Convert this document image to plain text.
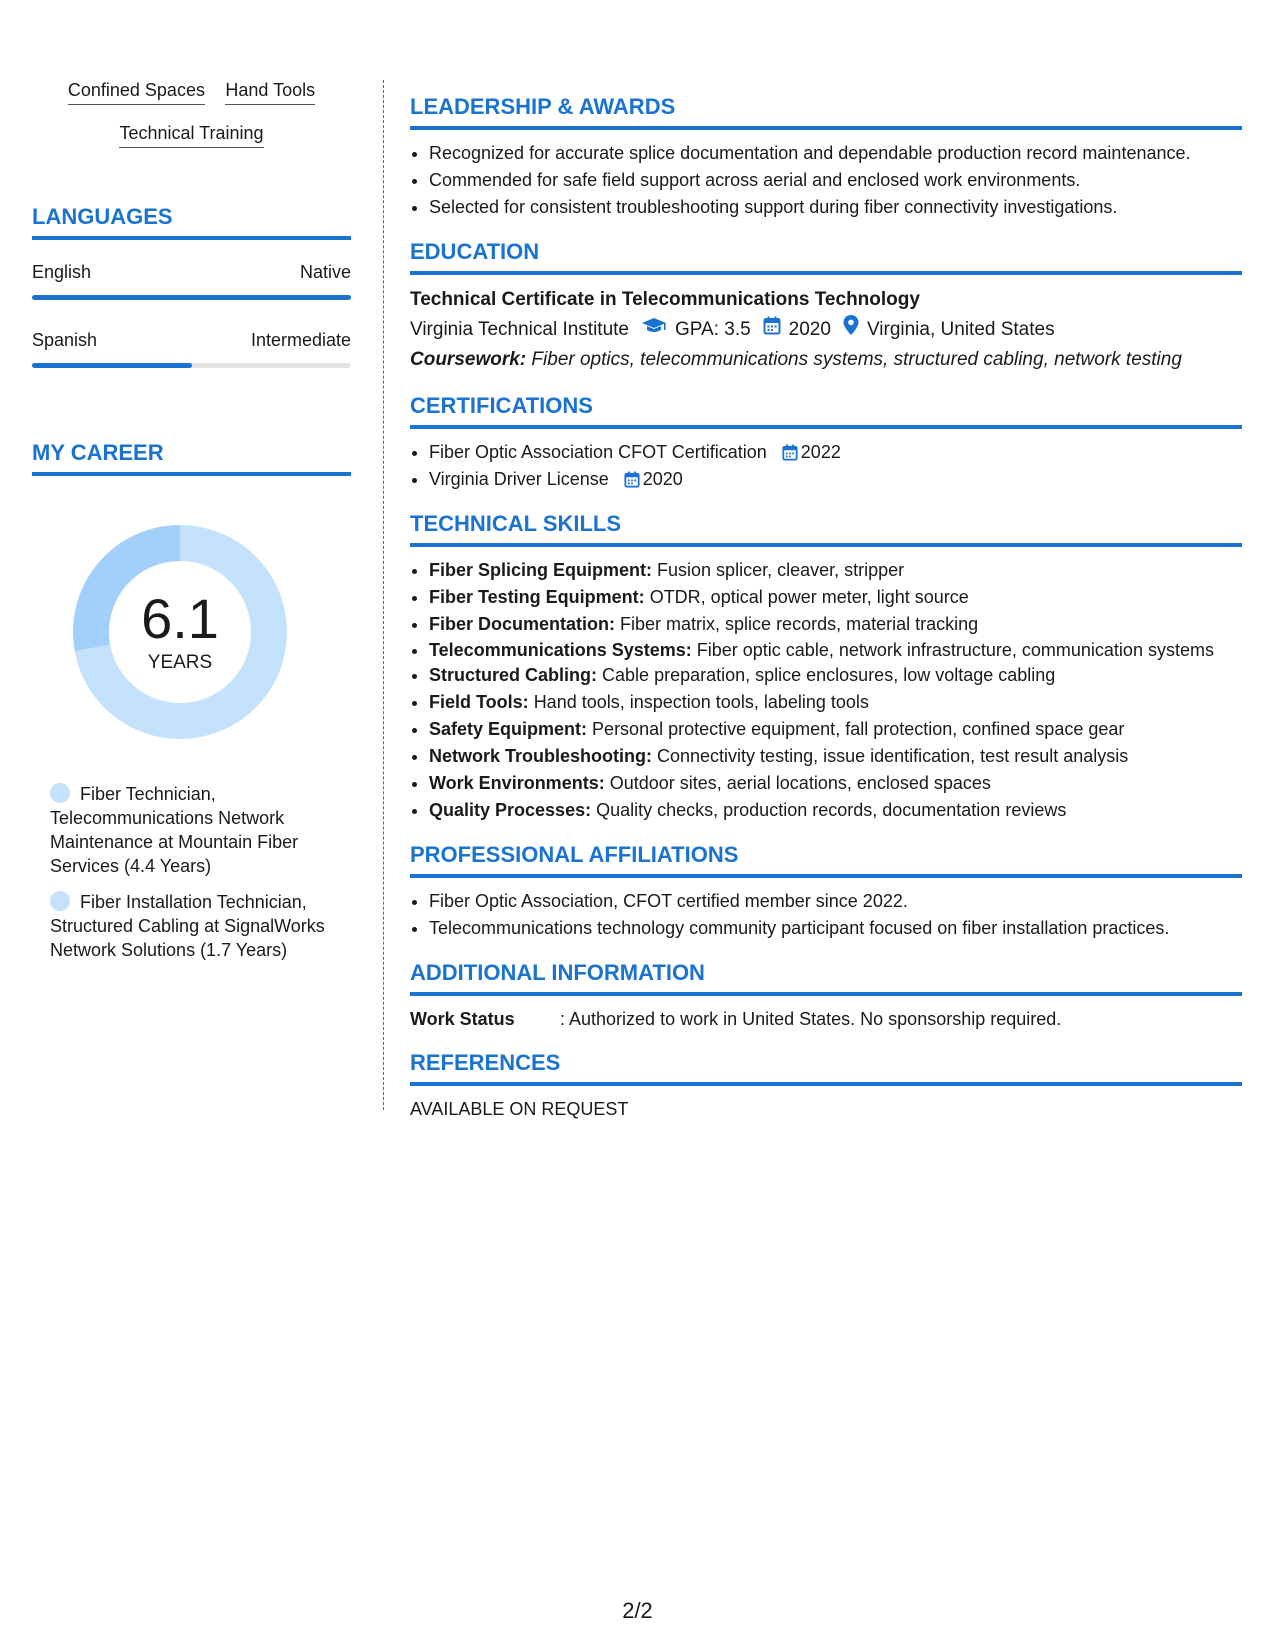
Confined Spaces Hand Tools
Technical Training
LANGUAGES
English	Native
Spanish	Intermediate
MY CAREER
6.1
YEARS
Fiber Technician, Telecommunications Network Maintenance at Mountain Fiber Services (4.4 Years)
Fiber Installation Technician, Structured Cabling at SignalWorks Network Solutions (1.7 Years)
LEADERSHIP & AWARDS
• Recognized for accurate splice documentation and dependable production record maintenance.
• Commended for safe field support across aerial and enclosed work environments.
• Selected for consistent troubleshooting support during fiber connectivity investigations.
EDUCATION
Technical Certificate in Telecommunications Technology
Virginia Technical Institute GPA: 3.5 2020 Virginia, United States
Coursework: Fiber optics, telecommunications systems, structured cabling, network testing
CERTIFICATIONS
• Fiber Optic Association CFOT Certification 2022
• Virginia Driver License 2020
TECHNICAL SKILLS
• Fiber Splicing Equipment: Fusion splicer, cleaver, stripper
• Fiber Testing Equipment: OTDR, optical power meter, light source
• Fiber Documentation: Fiber matrix, splice records, material tracking
• Telecommunications Systems: Fiber optic cable, network infrastructure, communication systems
• Structured Cabling: Cable preparation, splice enclosures, low voltage cabling
• Field Tools: Hand tools, inspection tools, labeling tools
• Safety Equipment: Personal protective equipment, fall protection, confined space gear
• Network Troubleshooting: Connectivity testing, issue identification, test result analysis
• Work Environments: Outdoor sites, aerial locations, enclosed spaces
• Quality Processes: Quality checks, production records, documentation reviews
PROFESSIONAL AFFILIATIONS
• Fiber Optic Association, CFOT certified member since 2022.
• Telecommunications technology community participant focused on fiber installation practices.
ADDITIONAL INFORMATION
Work Status	: Authorized to work in United States. No sponsorship required.
REFERENCES
AVAILABLE ON REQUEST
2/2
